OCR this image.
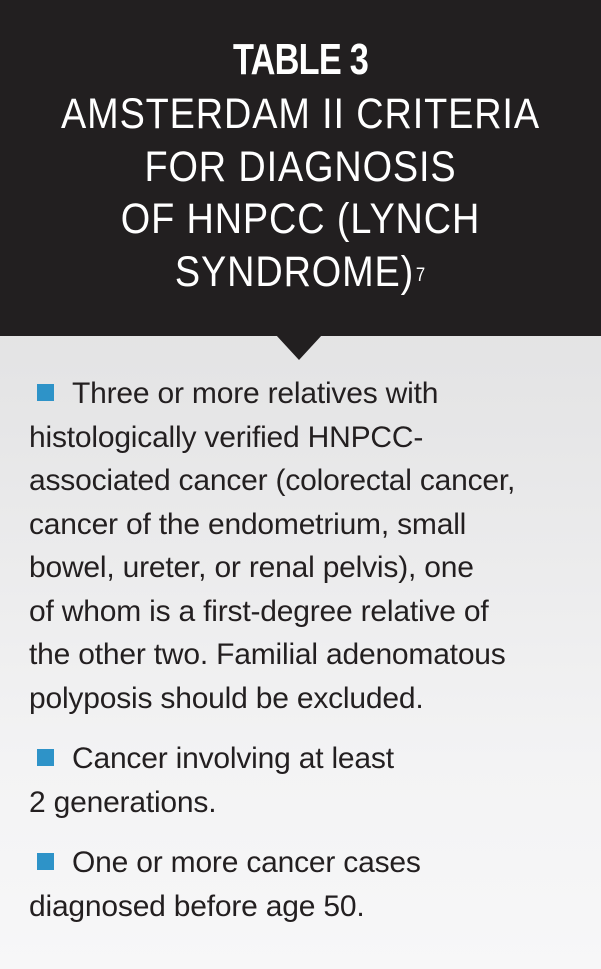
TABLE 3
AMSTERDAM II CRITERIA
FOR DIAGNOSIS
OF HNPCC (LYNCH
SYNDROME)$^7$
Three or more relatives with
histologically verified HNPCC-
associated cancer (colorectal cancer,
cancer of the endometrium, small
bowel, ureter, or renal pelvis), one
of whom is a first-degree relative of
the other two. Familial adenomatous
polyposis should be excluded.
Cancer involving at least
2 generations.
One or more cancer cases
diagnosed before age 50.
